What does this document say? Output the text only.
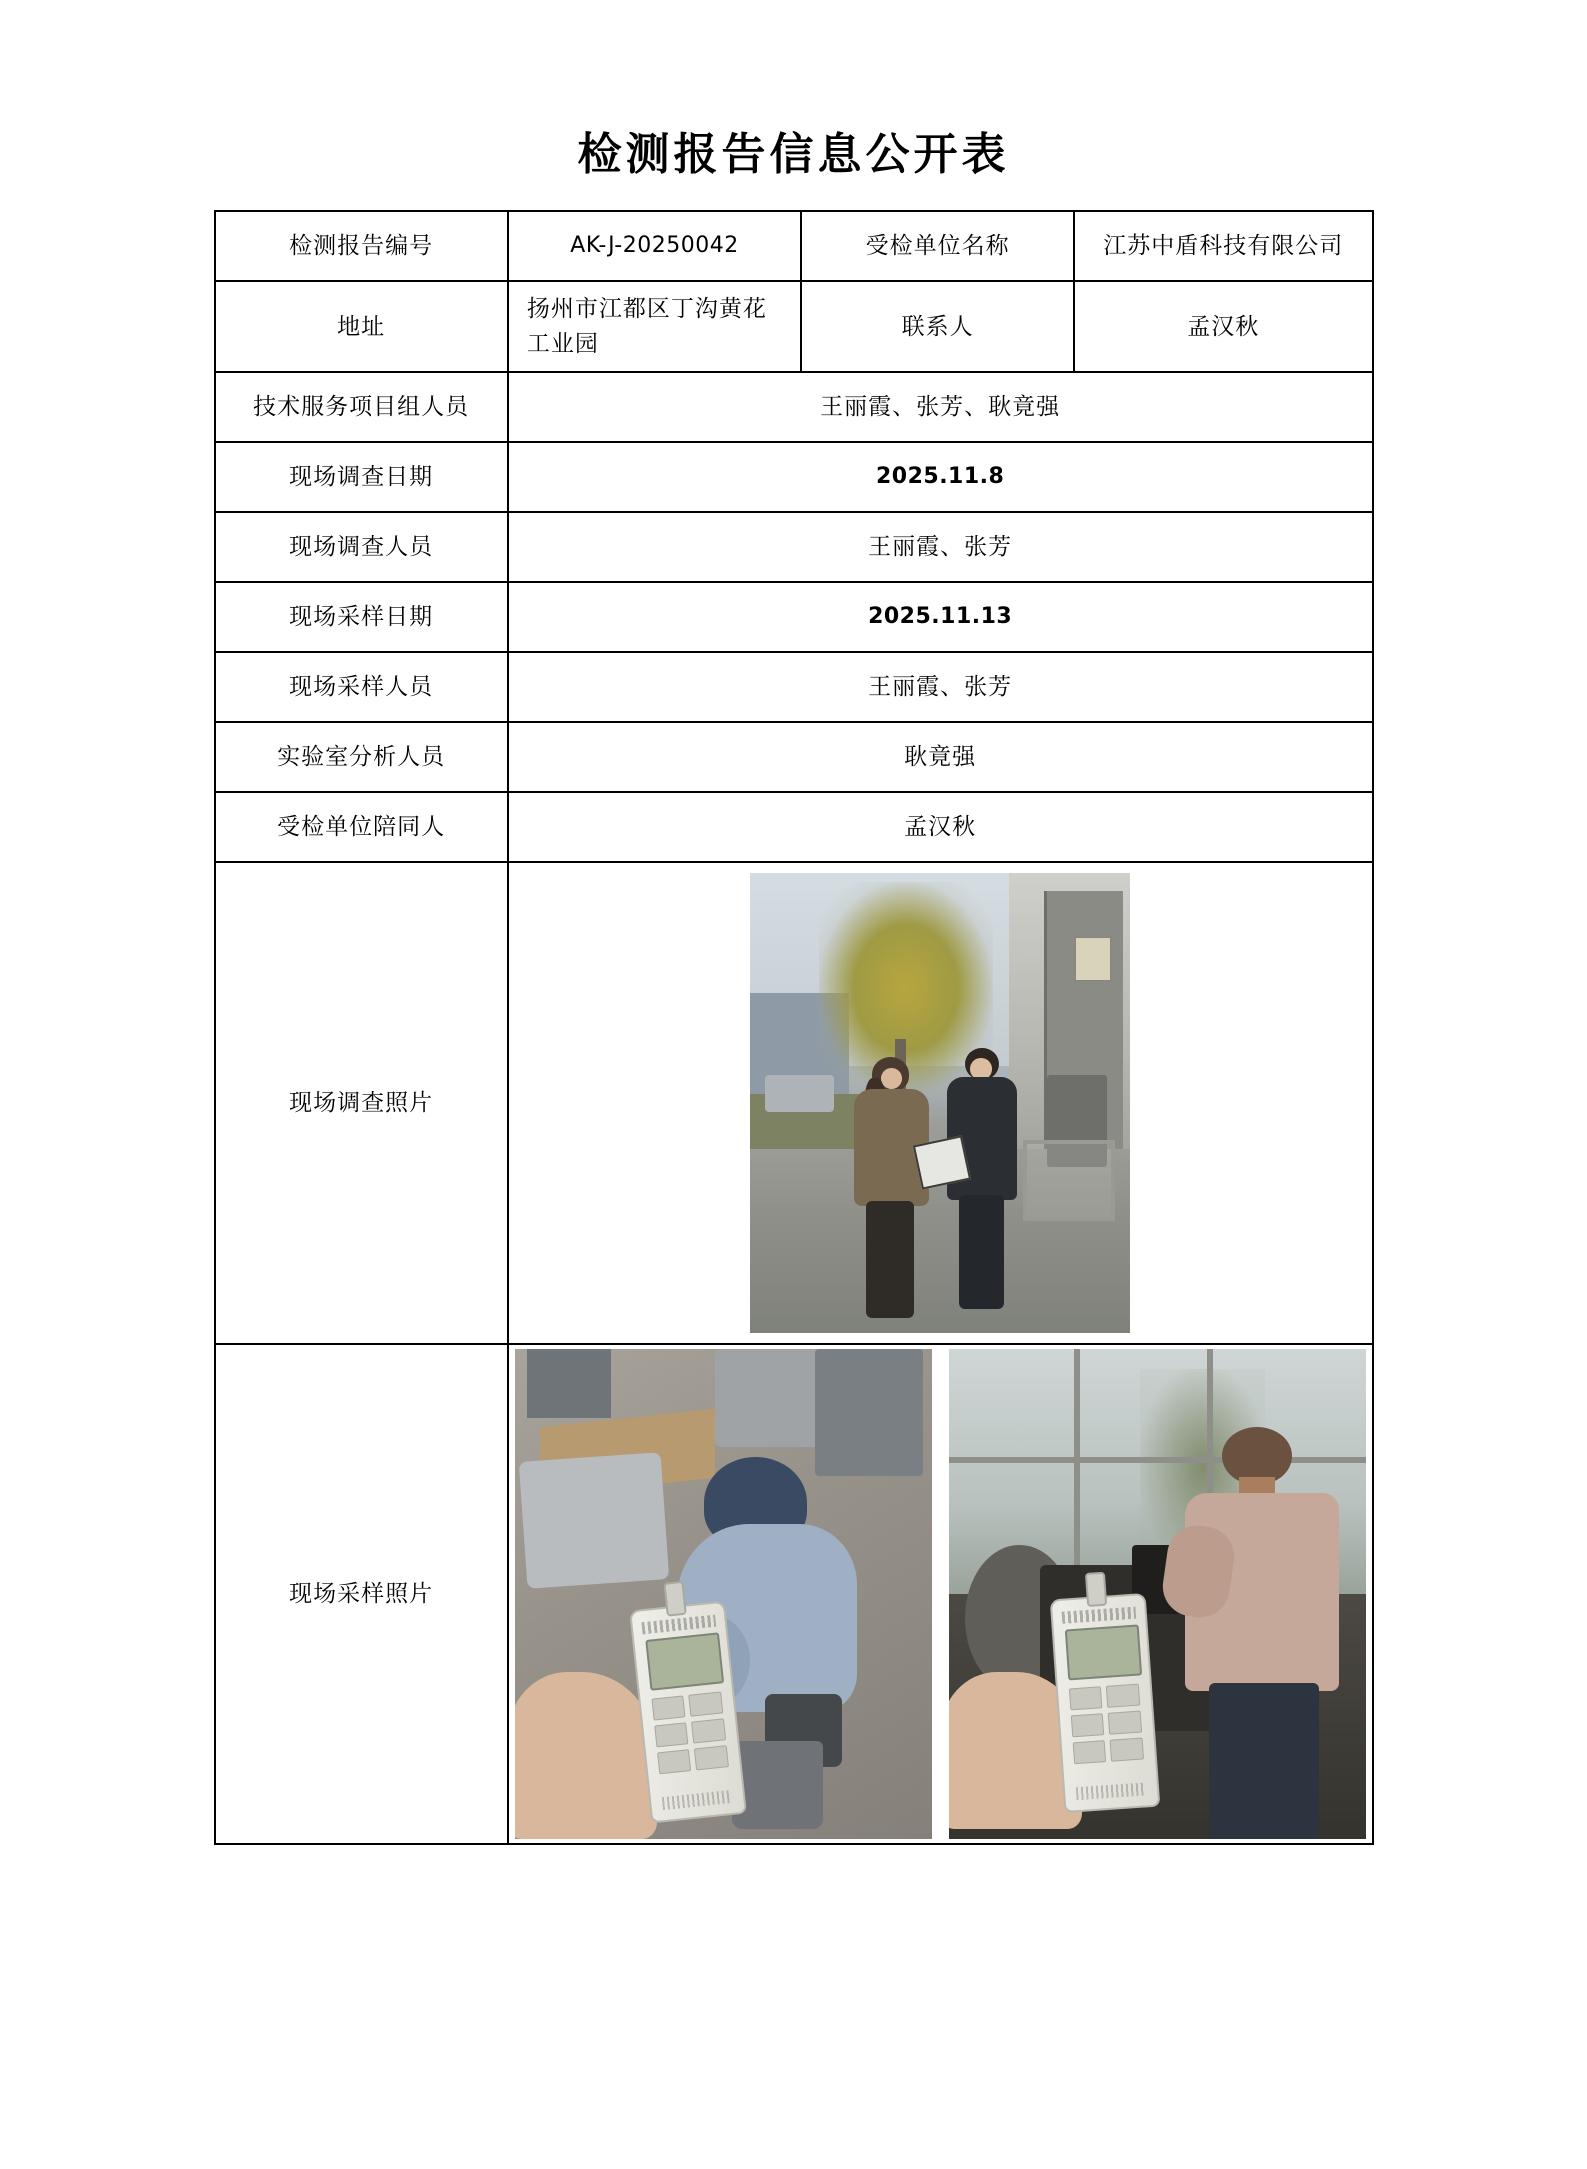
检测报告信息公开表
检测报告编号	AK-J-20250042	受检单位名称	江苏中盾科技有限公司

地址	扬州市江都区丁沟黄花工业园	联系人	孟汉秋

技术服务项目组人员	王丽霞、张芳、耿竟强		

现场调查日期	2025.11.8		

现场调查人员	王丽霞、张芳		

现场采样日期	2025.11.13		

现场采样人员	王丽霞、张芳		

实验室分析人员	耿竟强		

受检单位陪同人	孟汉秋		

现场调查照片			

现场采样照片			
